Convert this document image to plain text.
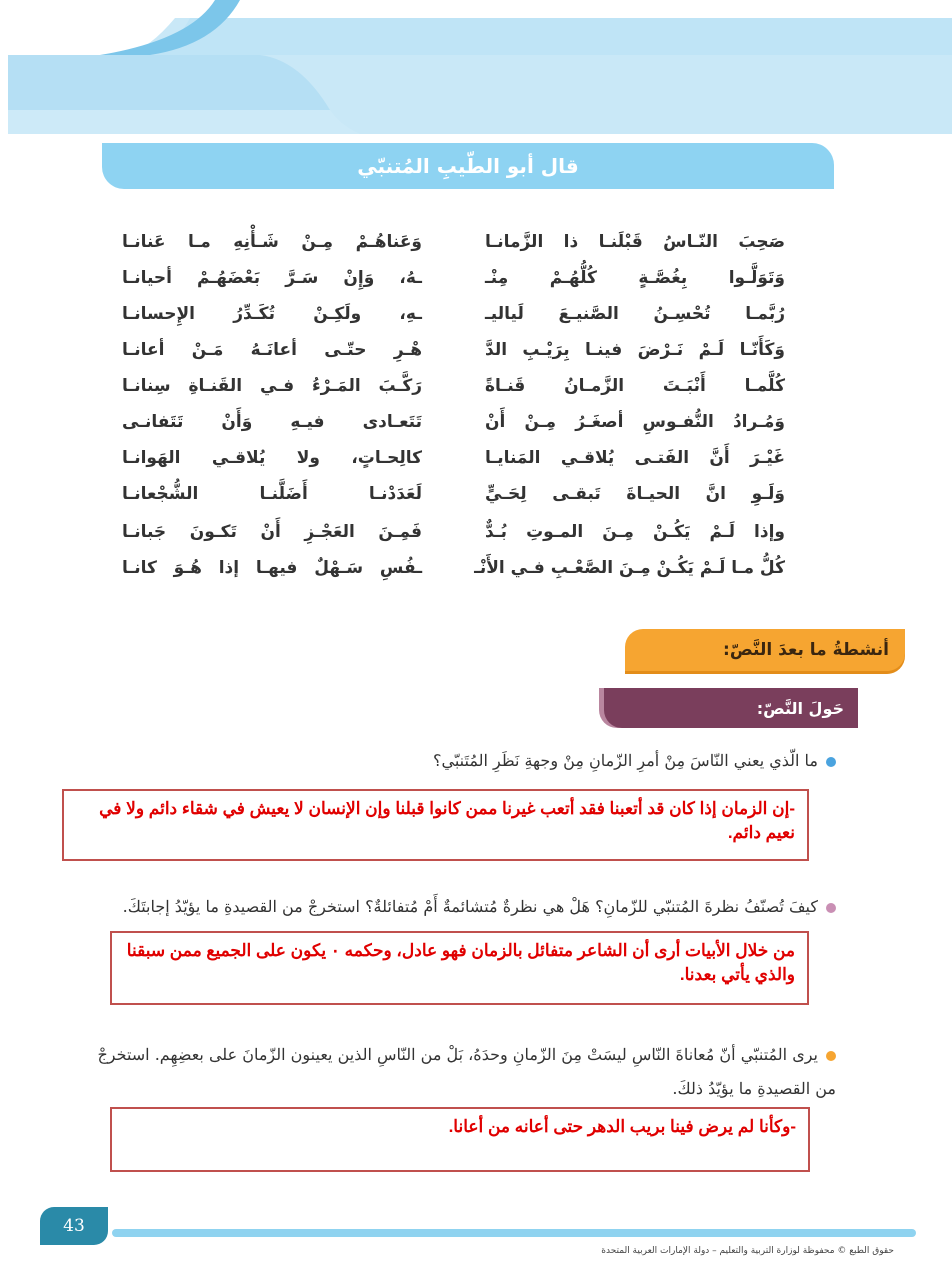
قال أبو الطّيبِ المُتنبّي
صَحِبَ النّـاسُ قَبْلَنـا ذا الزَّمانـا
وَعَناهُـمْ مِـنْ شَـأْنِهِ مـا عَنانـا
وَتَوَلَّـوا بِغُصَّـةٍ كُلُّهُـمْ مِنْـ
ـهُ، وَإِنْ سَـرَّ بَعْضَهُـمْ أحيانـا
رُبَّمـا تُحْسِـنُ الصَّنيـعَ لَياليـ
ـهِ، ولَكِـنْ تُكَـدِّرُ الإِحسانـا
وَكَأَنّـا لَـمْ نَـرْضَ فينـا بِرَيْـبِ الدَّ
هْـرِ حتّـى أعانَـهُ مَـنْ أعانـا
كُلَّمـا أَنْبَـتَ الزَّمـانُ قَنـاةً
رَكَّـبَ المَـرْءُ فـي القَنـاةِ سِنانـا
وَمُـرادُ النُّفـوسِ أصغَـرُ مِـنْ أَنْ
تَتَعـادى فيـهِ وَأَنْ تَتَفانـى
غَيْـرَ أَنَّ الفَتـى يُلاقـي المَنايـا
كالِحـاتٍ، ولا يُلاقـي الهَوانـا
وَلَـوِ انَّ الحيـاةَ تَبقـى لِحَـيٍّ
لَعَدَدْنـا أَضَلَّنـا الشُّجْعانـا
وإذا لَـمْ يَكُـنْ مِـنَ المـوتِ بُـدٌّ
فَمِـنَ العَجْـزِ أَنْ تَكـونَ جَبانـا
كُلُّ مـا لَـمْ يَكُـنْ مِـنَ الصَّعْـبِ فـي الأَنْـ
ـفُسِ سَـهْلٌ فيهـا إذا هُـوَ كانـا
أنشطةُ ما بعدَ النَّصّ:
حَولَ النَّصّ:
ما الّذي يعني النّاسَ مِنْ أمرِ الزّمانِ مِنْ وجهةِ نَظَرِ المُتَنبّي؟
-إن الزمان إذا كان قد أتعبنا فقد أتعب غيرنا ممن كانوا قبلنا وإن الإنسان لا يعيش في شقاء دائم ولا في نعيم دائم.
كيفَ تُصنّفُ نظرةَ المُتنبّي للزّمانِ؟ هَلْ هي نظرةٌ مُتشائمةٌ أَمْ مُتفائلةٌ؟ استخرجْ من القصيدةِ ما يؤيّدُ إجابتَكَ.
من خلال الأبيات أرى أن الشاعر متفائل بالزمان فهو عادل، وحكمه ٠ يكون على الجميع ممن سبقنا والذي يأتي بعدنا.
يرى المُتنبّي أنّ مُعاناةَ النّاسِ ليسَتْ مِنَ الزّمانِ وحدَهُ، بَلْ من النّاسِ الذين يعينون الزّمانَ على بعضِهِم. استخرجْ من القصيدةِ ما يؤيّدُ ذلكَ.
-وكأنا لم يرض فينا بريب الدهر حتى أعانه من أعانا.
43
حقوق الطبع © محفوظة لوزارة التربية والتعليم – دولة الإمارات العربية المتحدة
